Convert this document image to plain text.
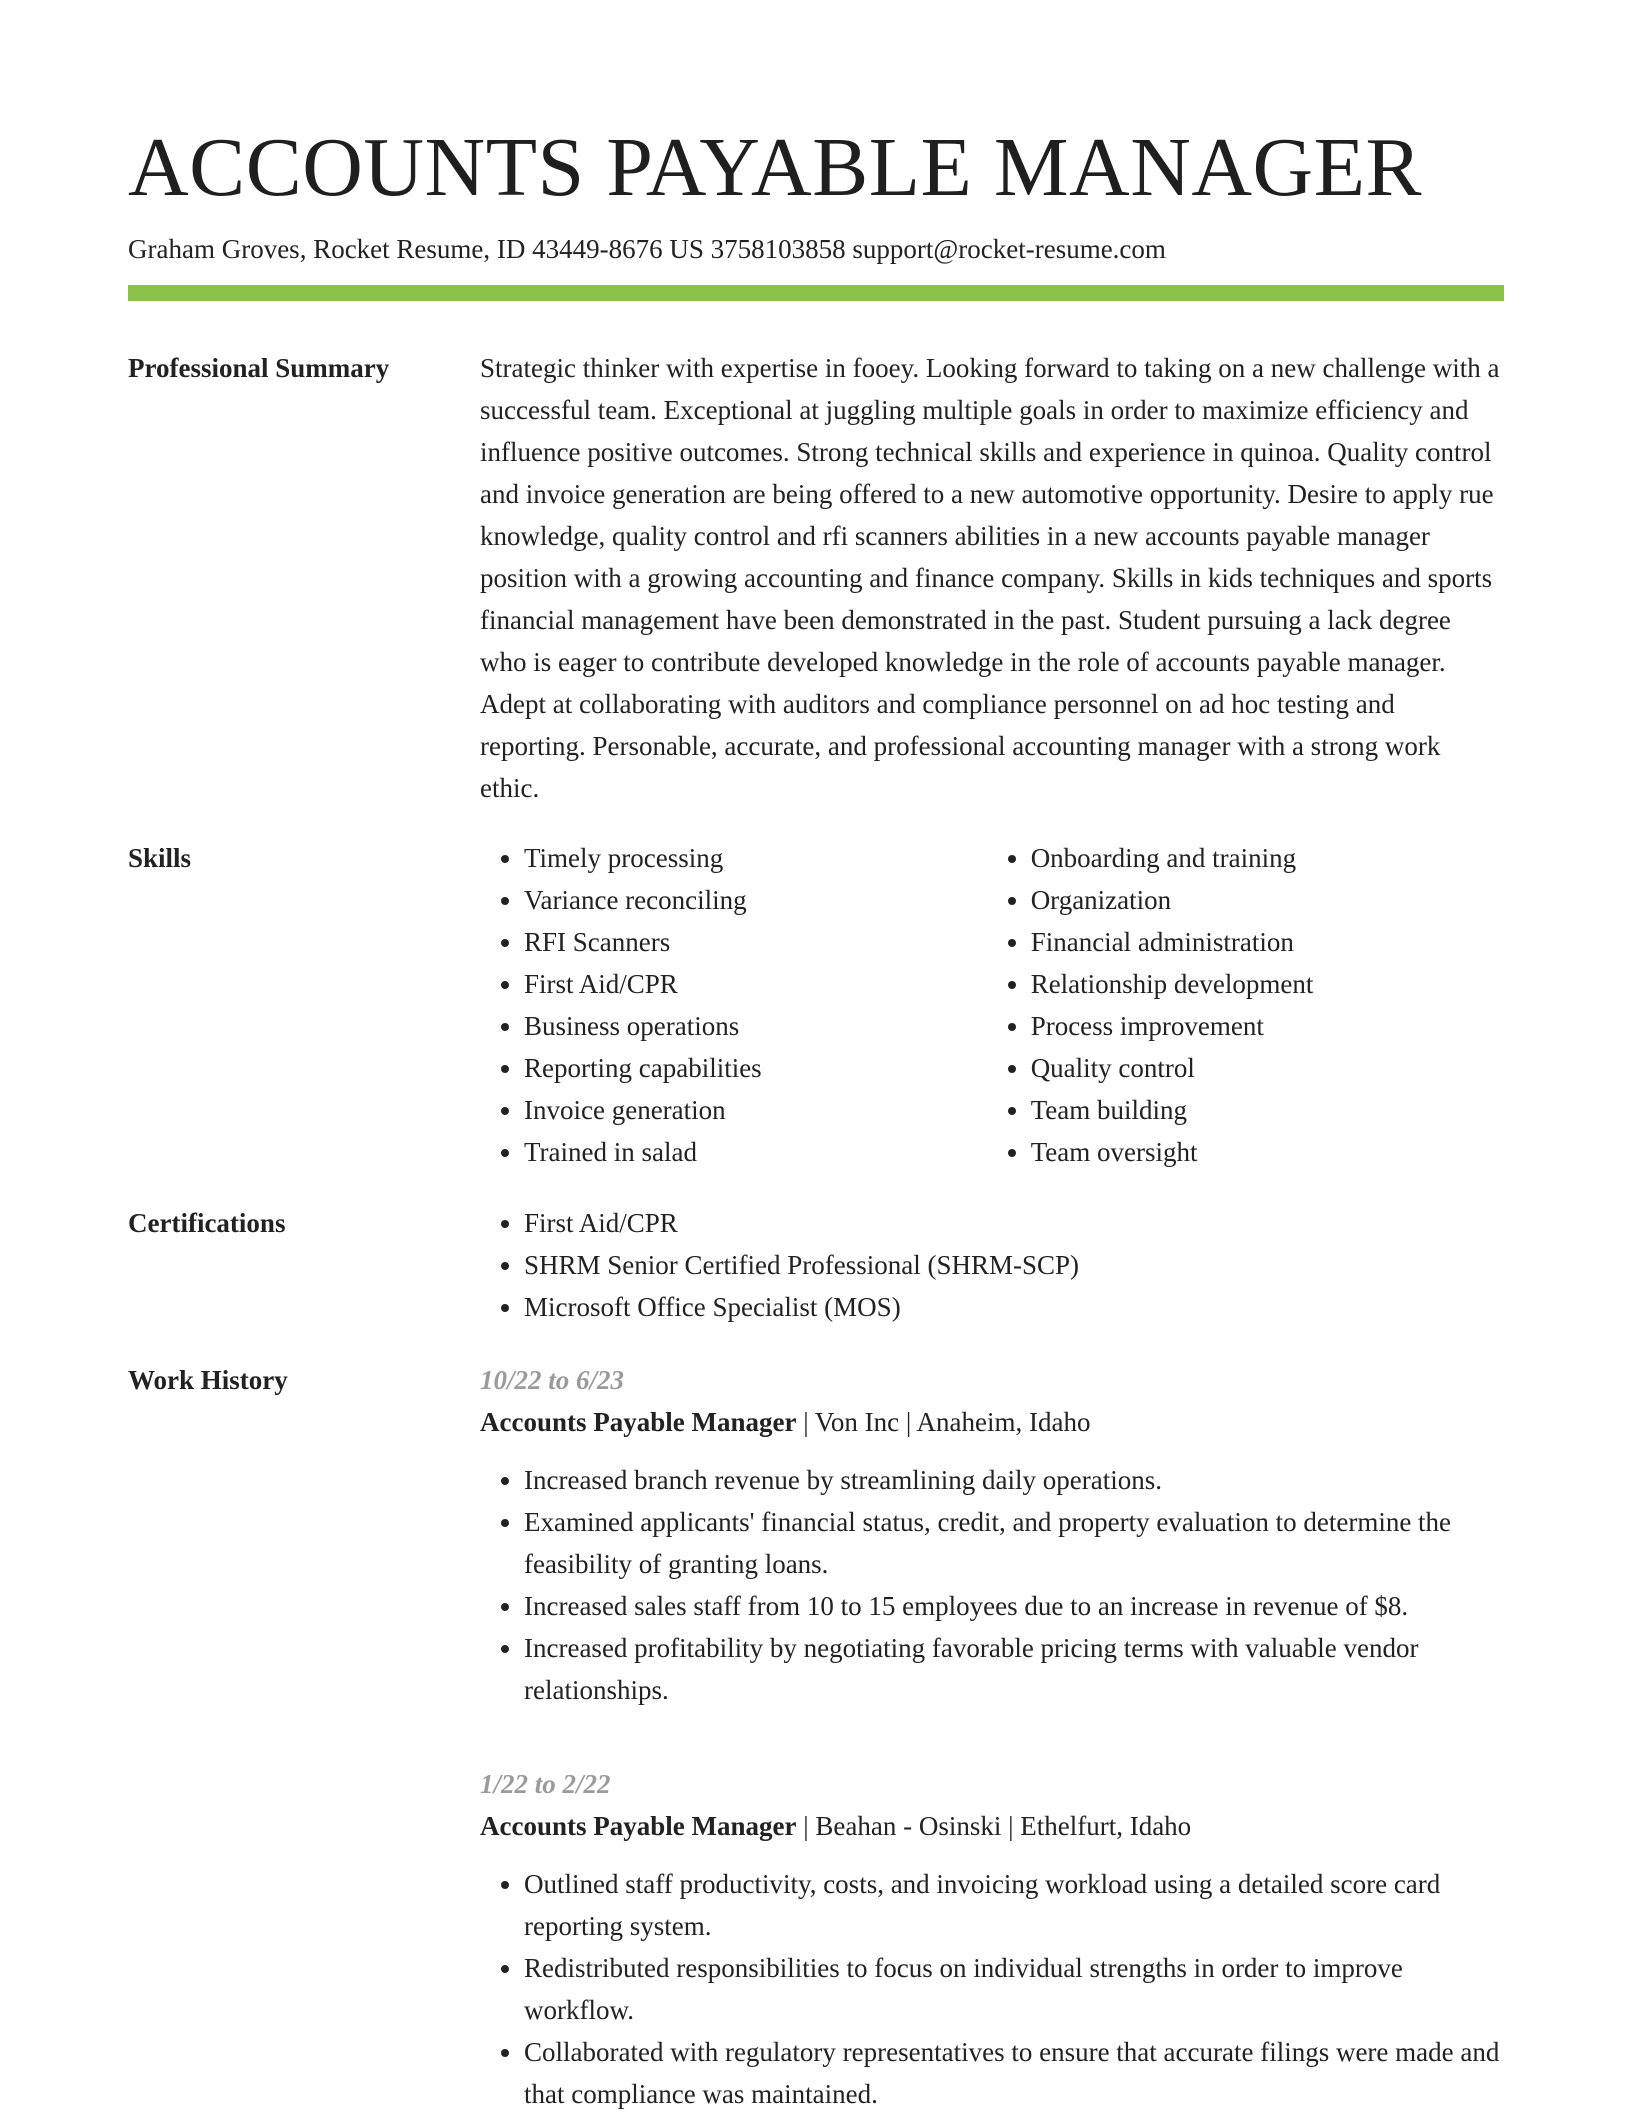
ACCOUNTS PAYABLE MANAGER
Graham Groves, Rocket Resume, ID 43449-8676 US 3758103858 support@rocket-resume.com
Professional Summary	Strategic thinker with expertise in fooey. Looking forward to taking on a new challenge with a successful team. Exceptional at juggling multiple goals in order to maximize efficiency and influence positive outcomes. Strong technical skills and experience in quinoa. Quality control and invoice generation are being offered to a new automotive opportunity. Desire to apply rue knowledge, quality control and rfi scanners abilities in a new accounts payable manager position with a growing accounting and finance company. Skills in kids techniques and sports financial management have been demonstrated in the past. Student pursuing a lack degree who is eager to contribute developed knowledge in the role of accounts payable manager. Adept at collaborating with auditors and compliance personnel on ad hoc testing and reporting. Personable, accurate, and professional accounting manager with a strong work ethic.

Skills	• Timely processing
• Variance reconciling
• RFI Scanners
• First Aid/CPR
• Business operations
• Reporting capabilities
• Invoice generation
• Trained in salad
• Onboarding and training
• Organization
• Financial administration
• Relationship development
• Process improvement
• Quality control
• Team building
• Team oversight
Certifications	• First Aid/CPR
• SHRM Senior Certified Professional (SHRM-SCP)
• Microsoft Office Specialist (MOS)
Work History	10/22 to 6/23
Accounts Payable Manager | Von Inc | Anaheim, Idaho
• Increased branch revenue by streamlining daily operations.
• Examined applicants' financial status, credit, and property evaluation to determine the feasibility of granting loans.
• Increased sales staff from 10 to 15 employees due to an increase in revenue of $8.
• Increased profitability by negotiating favorable pricing terms with valuable vendor relationships.
1/22 to 2/22
Accounts Payable Manager | Beahan - Osinski | Ethelfurt, Idaho
• Outlined staff productivity, costs, and invoicing workload using a detailed score card reporting system.
• Redistributed responsibilities to focus on individual strengths in order to improve workflow.
• Collaborated with regulatory representatives to ensure that accurate filings were made and that compliance was maintained.
